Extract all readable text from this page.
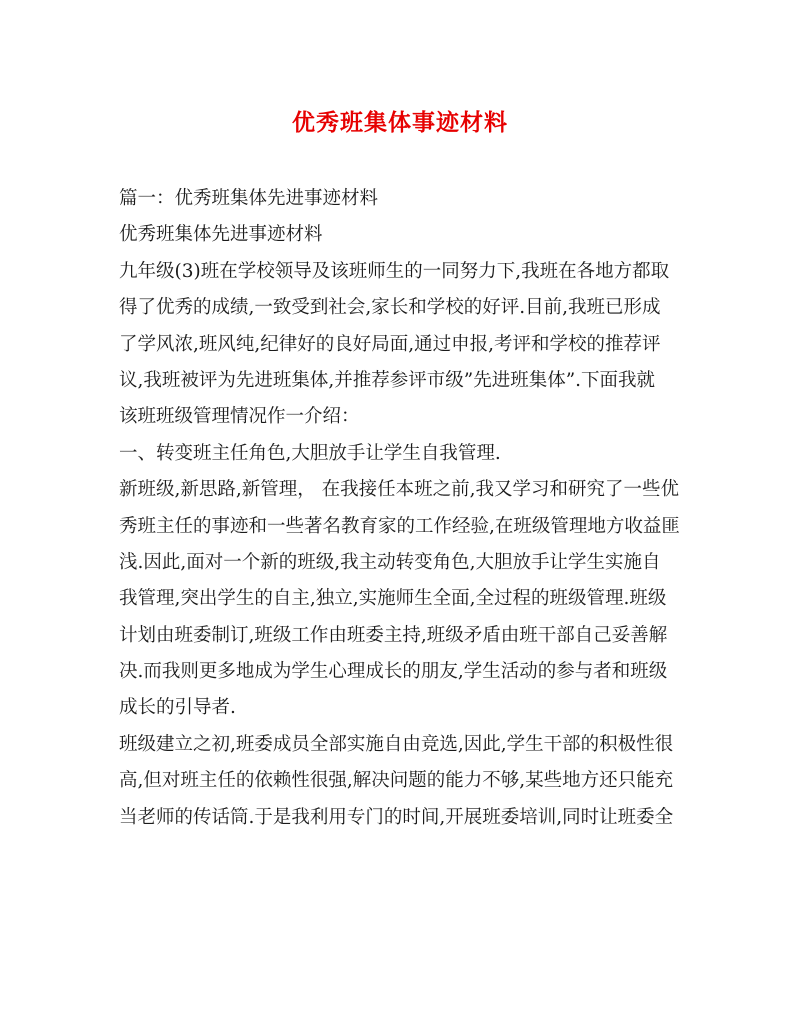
优秀班集体事迹材料
篇一：优秀班集体先进事迹材料
优秀班集体先进事迹材料
九年级(3)班在学校领导及该班师生的一同努力下,我班在各地方都取
得了优秀的成绩,一致受到社会,家长和学校的好评.目前,我班已形成
了学风浓,班风纯,纪律好的良好局面,通过申报,考评和学校的推荐评
议,我班被评为先进班集体,并推荐参评市级”先进班集体”.下面我就
该班班级管理情况作一介绍：
一、转变班主任角色,大胆放手让学生自我管理.
新班级,新思路,新管理， 在我接任本班之前,我又学习和研究了一些优
秀班主任的事迹和一些著名教育家的工作经验,在班级管理地方收益匪
浅.因此,面对一个新的班级,我主动转变角色,大胆放手让学生实施自
我管理,突出学生的自主,独立,实施师生全面,全过程的班级管理.班级
计划由班委制订,班级工作由班委主持,班级矛盾由班干部自己妥善解
决.而我则更多地成为学生心理成长的朋友,学生活动的参与者和班级
成长的引导者.
班级建立之初,班委成员全部实施自由竞选,因此,学生干部的积极性很
高,但对班主任的依赖性很强,解决问题的能力不够,某些地方还只能充
当老师的传话筒.于是我利用专门的时间,开展班委培训,同时让班委全
